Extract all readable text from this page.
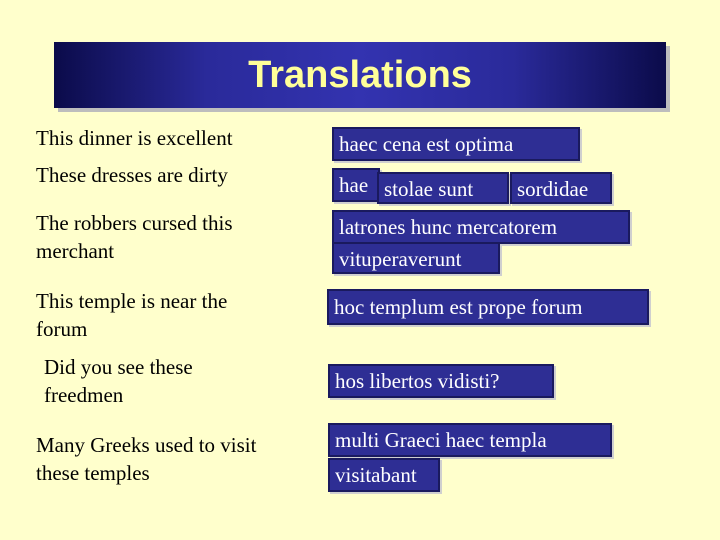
Translations
This dinner is excellent
These dresses are dirty
The robbers cursed this merchant
This temple is near the forum
Did you see these freedmen
Many Greeks used to visit these temples
haec cena est optima
hae stolae sunt	sordidae
latrones hunc mercatorem
vituperaverunt
hoc templum est prope forum
hos libertos vidisti?
multi Graeci haec templa
visitabant
